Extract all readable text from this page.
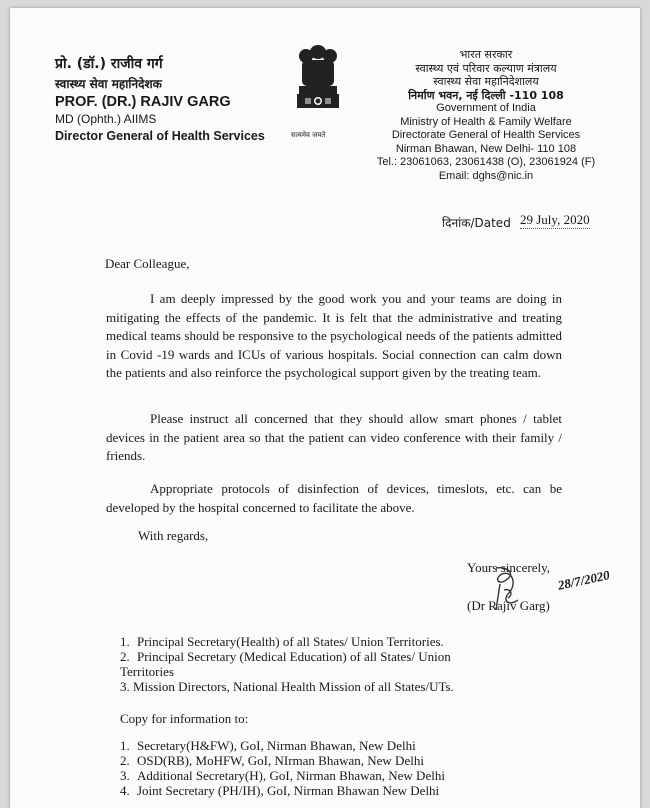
प्रो. (डॉ.) राजीव गर्ग
स्वास्थ्य सेवा महानिदेशक
PROF. (DR.) RAJIV GARG
MD (Ophth.) AIIMS
Director General of Health Services	सत्यमेव जयते
भारत सरकार
स्वास्थ्य एवं परिवार कल्याण मंत्रालय
स्वास्थ्य सेवा महानिदेशालय
निर्माण भवन, नई दिल्ली -110 108
Government of India
Ministry of Health & Family Welfare
Directorate General of Health Services
Nirman Bhawan, New Delhi- 110 108
Tel.: 23061063, 23061438 (O), 23061924 (F)
Email: dghs@nic.in
दिनांक/Dated 29 July, 2020
Dear Colleague,

I am deeply impressed by the good work you and your teams are doing in mitigating the effects of the pandemic. It is felt that the administrative and treating medical teams should be responsive to the psychological needs of the patients admitted in Covid -19 wards and ICUs of various hospitals. Social connection can calm down the patients and also reinforce the psychological support given by the treating team.

Please instruct all concerned that they should allow smart phones / tablet devices in the patient area so that the patient can video conference with their family / friends.

Appropriate protocols of disinfection of devices, timeslots, etc. can be developed by the hospital concerned to facilitate the above.

With regards,
Yours sincerely, 28/7/2020
(Dr Rajiv Garg)
1. Principal Secretary(Health) of all States/ Union Territories.
2. Principal Secretary (Medical Education) of all States/ Union Territories
3. Mission Directors, National Health Mission of all States/UTs.
Copy for information to:
1. Secretary(H&FW), GoI, Nirman Bhawan, New Delhi
2. OSD(RB), MoHFW, GoI, NIrman Bhawan, New Delhi
3. Additional Secretary(H), GoI, Nirman Bhawan, New Delhi
4. Joint Secretary (PH/IH), GoI, Nirman Bhawan New Delhi
